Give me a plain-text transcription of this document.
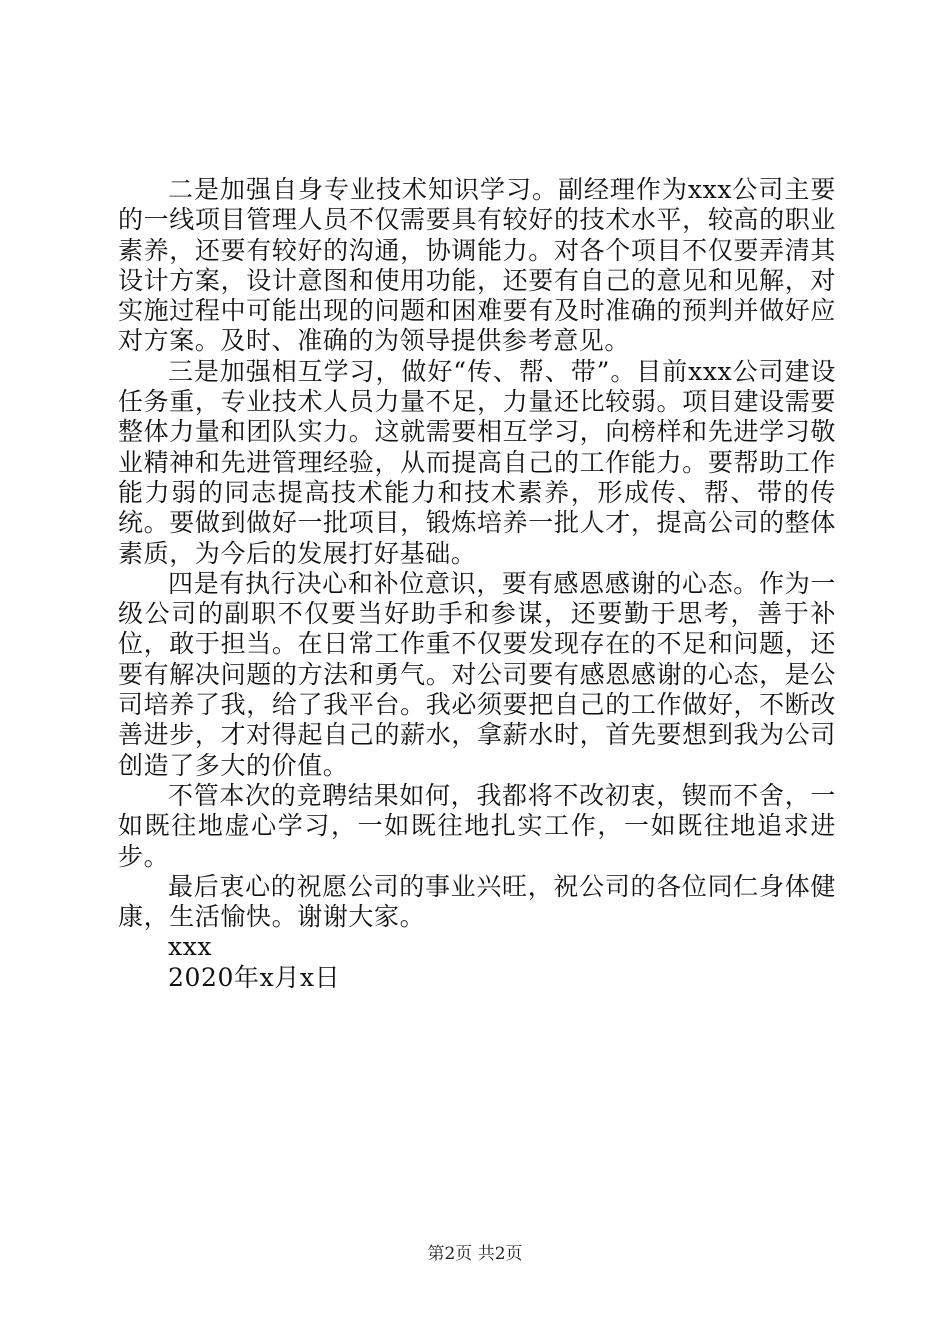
二是加强自身专业技术知识学习。副经理作为xxx公司主要的一线项目管理人员不仅需要具有较好的技术水平，较高的职业素养，还要有较好的沟通，协调能力。对各个项目不仅要弄清其设计方案，设计意图和使用功能，还要有自己的意见和见解，对实施过程中可能出现的问题和困难要有及时准确的预判并做好应对方案。及时、准确的为领导提供参考意见。

三是加强相互学习，做好“传、帮、带”。目前xxx公司建设任务重，专业技术人员力量不足，力量还比较弱。项目建设需要整体力量和团队实力。这就需要相互学习，向榜样和先进学习敬业精神和先进管理经验，从而提高自己的工作能力。要帮助工作能力弱的同志提高技术能力和技术素养，形成传、帮、带的传统。要做到做好一批项目，锻炼培养一批人才，提高公司的整体素质，为今后的发展打好基础。

四是有执行决心和补位意识，要有感恩感谢的心态。作为一级公司的副职不仅要当好助手和参谋，还要勤于思考，善于补位，敢于担当。在日常工作重不仅要发现存在的不足和问题，还要有解决问题的方法和勇气。对公司要有感恩感谢的心态，是公司培养了我，给了我平台。我必须要把自己的工作做好，不断改善进步，才对得起自己的薪水，拿薪水时，首先要想到我为公司创造了多大的价值。

不管本次的竞聘结果如何，我都将不改初衷，锲而不舍，一如既往地虚心学习，一如既往地扎实工作，一如既往地追求进步。

最后衷心的祝愿公司的事业兴旺，祝公司的各位同仁身体健康，生活愉快。谢谢大家。

xxx

2020年x月x日

第2页 共2页
